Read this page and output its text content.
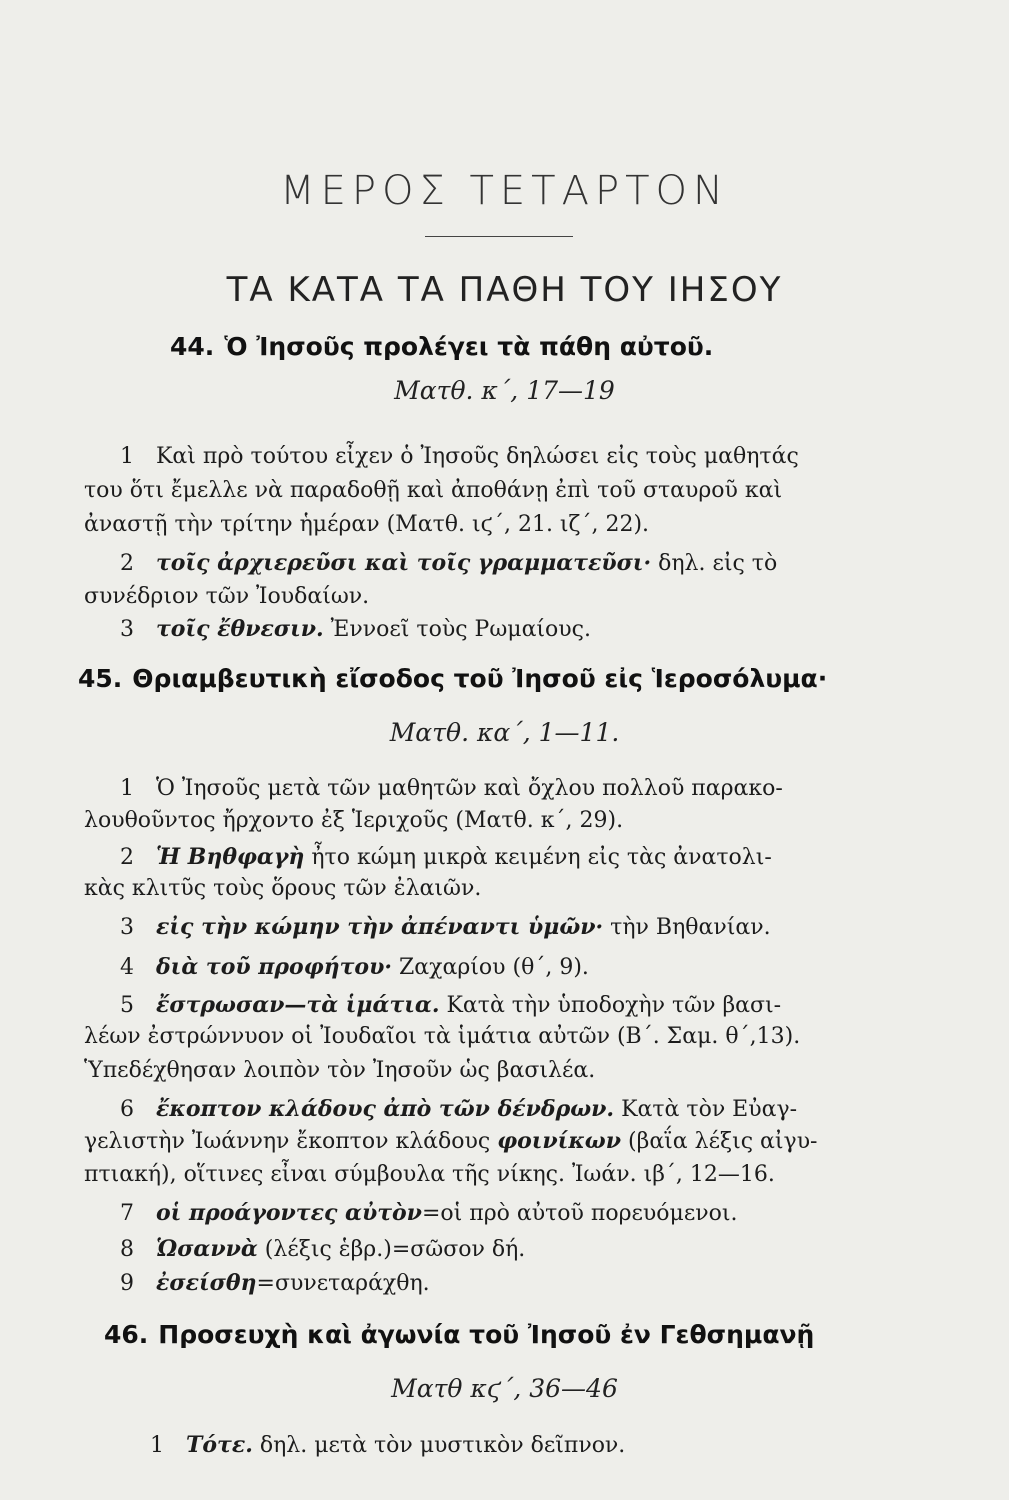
ΜΕΡΟΣ ΤΕΤΑΡΤΟΝ
ΤΑ ΚΑΤΑ ΤΑ ΠΑΘΗ ΤΟΥ ΙΗΣΟΥ
44. Ὁ Ἰησοῦς προλέγει τὰ πάθη αὐτοῦ.
Ματθ. κ΄, 17—19
1 Καὶ πρὸ τούτου εἶχεν ὁ Ἰησοῦς δηλώσει εἰς τοὺς μαθητάς
του ὅτι ἔμελλε νὰ παραδοθῇ καὶ ἀποθάνῃ ἐπὶ τοῦ σταυροῦ καὶ
ἀναστῇ τὴν τρίτην ἡμέραν (Ματθ. ιϛ΄, 21. ιζ΄, 22).
2 τοῖς ἀρχιερεῦσι καὶ τοῖς γραμματεῦσι· δηλ. εἰς τὸ
συνέδριον τῶν Ἰουδαίων.
3 τοῖς ἔθνεσιν. Ἐννοεῖ τοὺς Ρωμαίους.
45. Θριαμβευτικὴ εἴσοδος τοῦ Ἰησοῦ εἰς Ἱεροσόλυμα·
Ματθ. κα΄, 1—11.
1 Ὁ Ἰησοῦς μετὰ τῶν μαθητῶν καὶ ὄχλου πολλοῦ παρακο-
λουθοῦντος ἤρχοντο ἐξ Ἱεριχοῦς (Ματθ. κ΄, 29).
2 Ἡ Βηθφαγὴ ἦτο κώμη μικρὰ κειμένη εἰς τὰς ἀνατολι-
κὰς κλιτῦς τοὺς ὅρους τῶν ἐλαιῶν.
3 εἰς τὴν κώμην τὴν ἀπέναντι ὑμῶν· τὴν Βηθανίαν.
4 διὰ τοῦ προφήτου· Ζαχαρίου (θ΄, 9).
5 ἔστρωσαν—τὰ ἱμάτια. Κατὰ τὴν ὑποδοχὴν τῶν βασι-
λέων ἐστρώννυον οἱ Ἰουδαῖοι τὰ ἱμάτια αὐτῶν (Β΄. Σαμ. θ΄,13).
Ὑπεδέχθησαν λοιπὸν τὸν Ἰησοῦν ὡς βασιλέα.
6 ἔκοπτον κλάδους ἀπὸ τῶν δένδρων. Κατὰ τὸν Εὐαγ-
γελιστὴν Ἰωάννην ἔκοπτον κλάδους φοινίκων (βαΐα λέξις αἰγυ-
πτιακή), οἵτινες εἶναι σύμβουλα τῆς νίκης. Ἰωάν. ιβ΄, 12—16.
7 οἱ προάγοντες αὐτὸν=οἱ πρὸ αὐτοῦ πορευόμενοι.
8 Ὡσαννὰ (λέξις ἑβρ.)=σῶσον δή.
9 ἐσείσθη=συνεταράχθη.
46. Προσευχὴ καὶ ἀγωνία τοῦ Ἰησοῦ ἐν Γεθσημανῇ
Ματθ κϛ΄, 36—46
1 Τότε. δηλ. μετὰ τὸν μυστικὸν δεῖπνον.
